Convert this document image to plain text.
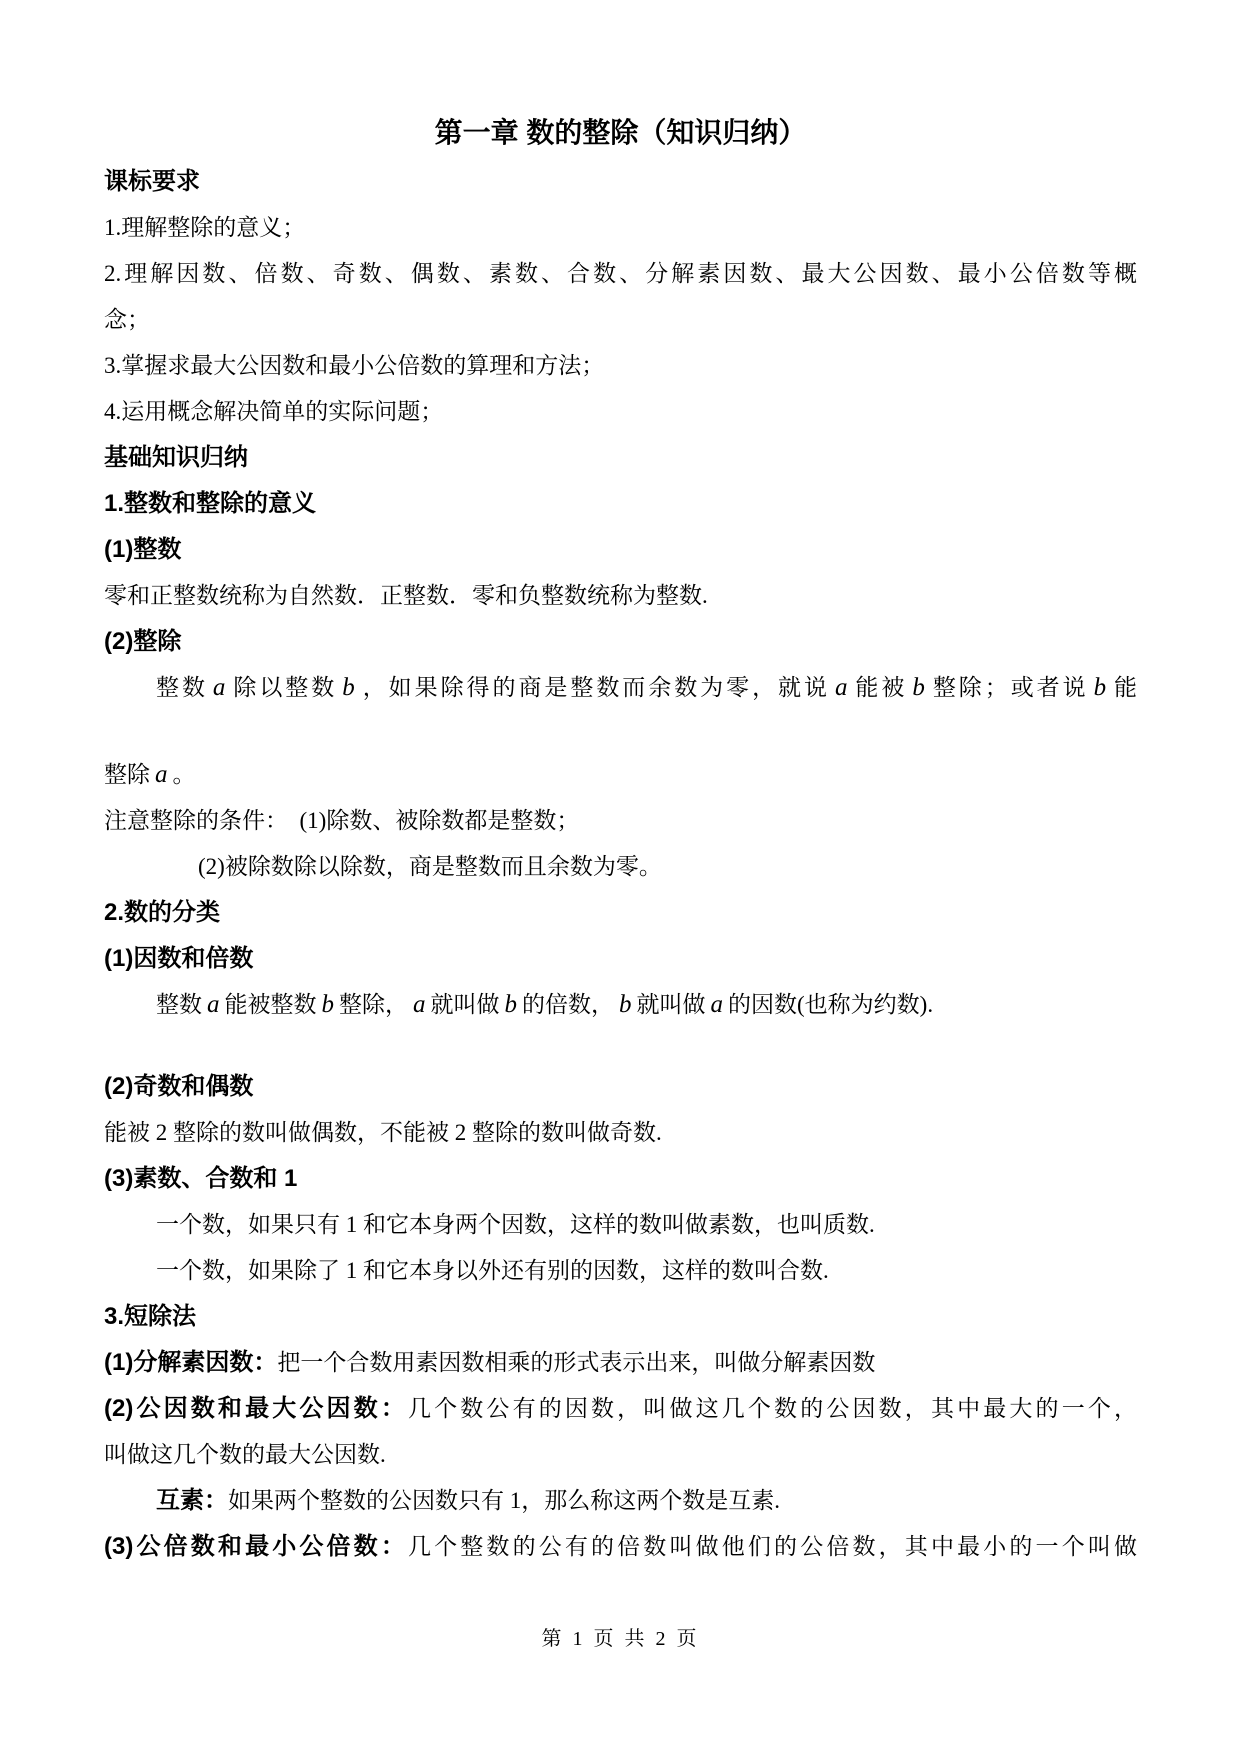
第一章 数的整除（知识归纳）
课标要求
1.理解整除的意义；
2.理解因数、倍数、奇数、偶数、素数、合数、分解素因数、最大公因数、最小公倍数等概
念；
3.掌握求最大公因数和最小公倍数的算理和方法；
4.运用概念解决简单的实际问题；
基础知识归纳
1.整数和整除的意义
(1)整数
零和正整数统称为自然数．正整数．零和负整数统称为整数.
(2)整除
整数 a 除以整数 b ，如果除得的商是整数而余数为零，就说 a 能被 b 整除；或者说 b 能
整除 a 。
注意整除的条件：　(1)除数、被除数都是整数；
(2)被除数除以除数，商是整数而且余数为零。
2.数的分类
(1)因数和倍数
整数 a 能被整数 b 整除， a 就叫做 b 的倍数， b 就叫做 a 的因数(也称为约数).
(2)奇数和偶数
能被 2 整除的数叫做偶数，不能被 2 整除的数叫做奇数.
(3)素数、合数和 1
一个数，如果只有 1 和它本身两个因数，这样的数叫做素数，也叫质数.
一个数，如果除了 1 和它本身以外还有别的因数，这样的数叫合数.
3.短除法
(1)分解素因数：把一个合数用素因数相乘的形式表示出来，叫做分解素因数
(2)公因数和最大公因数：几个数公有的因数，叫做这几个数的公因数，其中最大的一个，
叫做这几个数的最大公因数.
互素：如果两个整数的公因数只有 1，那么称这两个数是互素.
(3)公倍数和最小公倍数：几个整数的公有的倍数叫做他们的公倍数，其中最小的一个叫做
第 1 页 共 2 页
